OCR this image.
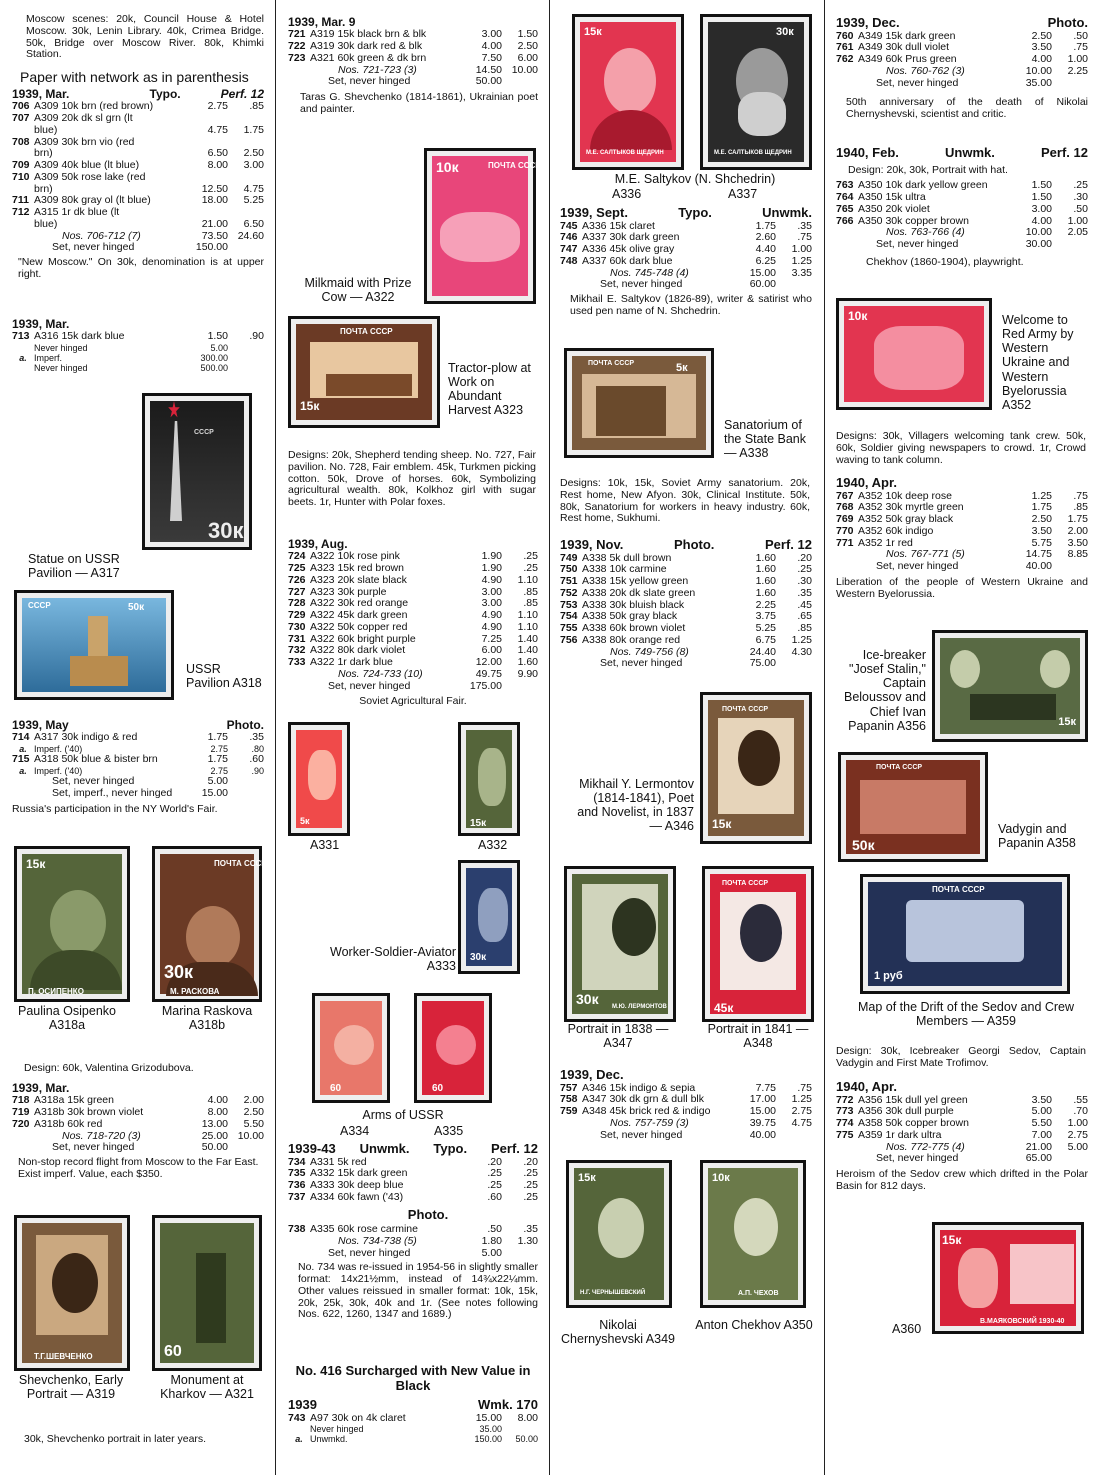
Moscow scenes: 20k, Council House & Hotel Moscow. 30k, Lenin Library. 40k, Crimea Bridge. 50k, Bridge over Moscow River. 80k, Khimki Station.
Paper with network as in parenthesis
1939, Mar.	Typo.	Perf. 12
706 A309 10k brn (red brown)	2.75	.85
707 A309 20k dk sl grn (lt
blue)	4.75	1.75
708 A309 30k brn vio (red
brn)	6.50	2.50
709 A309 40k blue (lt blue)	8.00	3.00
710 A309 50k rose lake (red
brn)	12.50	4.75
711 A309 80k gray ol (lt blue)	18.00	5.25
712 A315 1r dk blue (lt
blue)	21.00	6.50
Nos. 706-712 (7)	73.50 24.60
Set, never hinged	150.00
"New Moscow." On 30k, denomination is at upper right.
1939, Mar.
713 A316 15k dark blue	1.50	.90
Never hinged	5.00
a. Imperf.	300.00
Never hinged	500.00
СССР
30к
Statue on USSR Pavilion — A317
50к
СССР
USSR Pavilion A318
1939, May	Photo.
714 A317 30k indigo & red	1.75	.35
a. Imperf. ('40)	2.75	.80
715 A318 50k blue & bister brn	1.75	.60
a. Imperf. ('40)	2.75	.90
Set, never hinged	5.00
Set, imperf., never hinged	15.00
Russia's participation in the NY World's Fair.
15к
П. ОСИПЕНКО
ПОЧТА СССР
30к
М. РАСКОВА
Paulina Osipenko A318a
Marina Raskova A318b
Design: 60k, Valentina Grizodubova.
1939, Mar.
718 A318a 15k green	4.00	2.00
719 A318b 30k brown violet	8.00	2.50
720 A318b 60k red	13.00	5.50
Nos. 718-720 (3)	25.00 10.00
Set, never hinged	50.00
Non-stop record flight from Moscow to the Far East.
Exist imperf. Value, each $350.
Т.Г.ШЕВЧЕНКО	60
Shevchenko, Early Portrait — A319
Monument at Kharkov — A321
30k, Shevchenko portrait in later years.
1939, Mar. 9
721 A319 15k black brn & blk	3.00	1.50
722 A319 30k dark red & blk	4.00	2.50
723 A321 60k green & dk brn	7.50	6.00
Nos. 721-723 (3)	14.50 10.00
Set, never hinged	50.00
Taras G. Shevchenko (1814-1861), Ukrainian poet and painter.
10к	ПОЧТА СССР
Milkmaid with Prize Cow — A322
15к
ПОЧТА СССР
Tractor-plow at Work on Abundant Harvest A323
Designs: 20k, Shepherd tending sheep. No. 727, Fair pavilion. No. 728, Fair emblem. 45k, Turkmen picking cotton. 50k, Drove of horses. 60k, Symbolizing agricultural wealth. 80k, Kolkhoz girl with sugar beets. 1r, Hunter with Polar foxes.
1939, Aug.
724 A322 10k rose pink	1.90	.25
725 A323 15k red brown	1.90	.25
726 A323 20k slate black	4.90	1.10
727 A323 30k purple	3.00	.85
728 A322 30k red orange	3.00	.85
729 A322 45k dark green	4.90	1.10
730 A322 50k copper red	4.90	1.10
731 A322 60k bright purple	7.25	1.40
732 A322 80k dark violet	6.00	1.40
733 A322 1r dark blue	12.00	1.60
Nos. 724-733 (10)	49.75	9.90
Set, never hinged	175.00
Soviet Agricultural Fair.
5к
A331
15к
A332
30к
Worker-Soldier-Aviator A333
60	60
Arms of USSR
A334	A335
1939-43 Unwmk. Typo. Perf. 12
734 A331 5k red	.20	.20
735 A332 15k dark green	.25	.25
736 A333 30k deep blue	.25	.25
737 A334 60k fawn ('43)	.60	.25
Photo.
738 A335 60k rose carmine	.50	.35
Nos. 734-738 (5)	1.80	1.30
Set, never hinged	5.00
No. 734 was re-issued in 1954-56 in slightly smaller format: 14x21½mm, instead of 14¾x22¼mm. Other values reissued in smaller format: 10k, 15k, 20k, 25k, 30k, 40k and 1r. (See notes following Nos. 622, 1260, 1347 and 1689.)
No. 416 Surcharged with New Value in Black
1939	Wmk. 170
743 A97 30k on 4k claret	15.00	8.00
Never hinged	35.00
a. Unwmkd.	150.00	50.00
15к
М.Е. САЛТЫКОВ ЩЕДРИН
30к
М.Е. САЛТЫКОВ ЩЕДРИН
M.E. Saltykov (N. Shchedrin)
A336	A337
1939, Sept.	Typo.	Unwmk.
745 A336 15k claret	1.75	.35
746 A337 30k dark green	2.60	.75
747 A336 45k olive gray	4.40	1.00
748 A337 60k dark blue	6.25	1.25
Nos. 745-748 (4)	15.00	3.35
Set, never hinged	60.00
Mikhail E. Saltykov (1826-89), writer & satirist who used pen name of N. Shchedrin.
5к
ПОЧТА СССР
Sanatorium of the State Bank — A338
Designs: 10k, 15k, Soviet Army sanatorium. 20k, Rest home, New Afyon. 30k, Clinical Institute. 50k, 80k, Sanatorium for workers in heavy industry. 60k, Rest home, Sukhumi.
1939, Nov.	Photo.	Perf. 12
749 A338 5k dull brown	1.60	.20
750 A338 10k carmine	1.60	.25
751 A338 15k yellow green	1.60	.30
752 A338 20k dk slate green	1.60	.35
753 A338 30k bluish black	2.25	.45
754 A338 50k gray black	3.75	.65
755 A338 60k brown violet	5.25	.85
756 A338 80k orange red	6.75	1.25
Nos. 749-756 (8)	24.40	4.30
Set, never hinged	75.00
15к
ПОЧТА СССР
Mikhail Y. Lermontov (1814-1841), Poet and Novelist, in 1837 — A346
30к М.Ю. ЛЕРМОНТОВ
ПОЧТА СССР
45к
Portrait in 1838 — A347
Portrait in 1841 — A348
1939, Dec.
757 A346 15k indigo & sepia	7.75	.75
758 A347 30k dk grn & dull blk	17.00	1.25
759 A348 45k brick red & indigo	15.00	2.75
Nos. 757-759 (3)	39.75	4.75
Set, never hinged	40.00
15к
Н.Г. ЧЕРНЫШЕВСКИЙ
10к
А.П. ЧЕХОВ
Nikolai Chernyshevski A349
Anton Chekhov A350
1939, Dec.	Photo.
760 A349 15k dark green	2.50	.50
761 A349 30k dull violet	3.50	.75
762 A349 60k Prus green	4.00	1.00
Nos. 760-762 (3)	10.00	2.25
Set, never hinged	35.00
50th anniversary of the death of Nikolai Chernyshevski, scientist and critic.
1940, Feb.	Unwmk.	Perf. 12
Design: 20k, 30k, Portrait with hat.
763 A350 10k dark yellow green	1.50	.25
764 A350 15k ultra	1.50	.30
765 A350 20k violet	3.00	.50
766 A350 30k copper brown	4.00	1.00
Nos. 763-766 (4)	10.00	2.05
Set, never hinged	30.00
Chekhov (1860-1904), playwright.
10к	Welcome to Red Army by Western Ukraine and Western Byelorussia A352
Designs: 30k, Villagers welcoming tank crew. 50k, 60k, Soldier giving newspapers to crowd. 1r, Crowd waving to tank column.
1940, Apr.
767 A352 10k deep rose	1.25	.75
768 A352 30k myrtle green	1.75	.85
769 A352 50k gray black	2.50	1.75
770 A352 60k indigo	3.50	2.00
771 A352 1r red	5.75	3.50
Nos. 767-771 (5)	14.75	8.85
Set, never hinged	40.00
Liberation of the people of Western Ukraine and Western Byelorussia.
Ice-breaker "Josef Stalin," Captain Beloussov and Chief Ivan Papanin A356	15к
50к
ПОЧТА СССР
Vadygin and Papanin A358
1 руб
ПОЧТА СССР
Map of the Drift of the Sedov and Crew Members — A359
Design: 30k, Icebreaker Georgi Sedov, Captain Vadygin and First Mate Trofimov.
1940, Apr.
772 A356 15k dull yel green	3.50	.55
773 A356 30k dull purple	5.00	.70
774 A358 50k copper brown	5.50	1.00
775 A359 1r dark ultra	7.00	2.75
Nos. 772-775 (4)	21.00	5.00
Set, never hinged	65.00
Heroism of the Sedov crew which drifted in the Polar Basin for 812 days.
15к
В.МАЯКОВСКИЙ 1930-40
A360
